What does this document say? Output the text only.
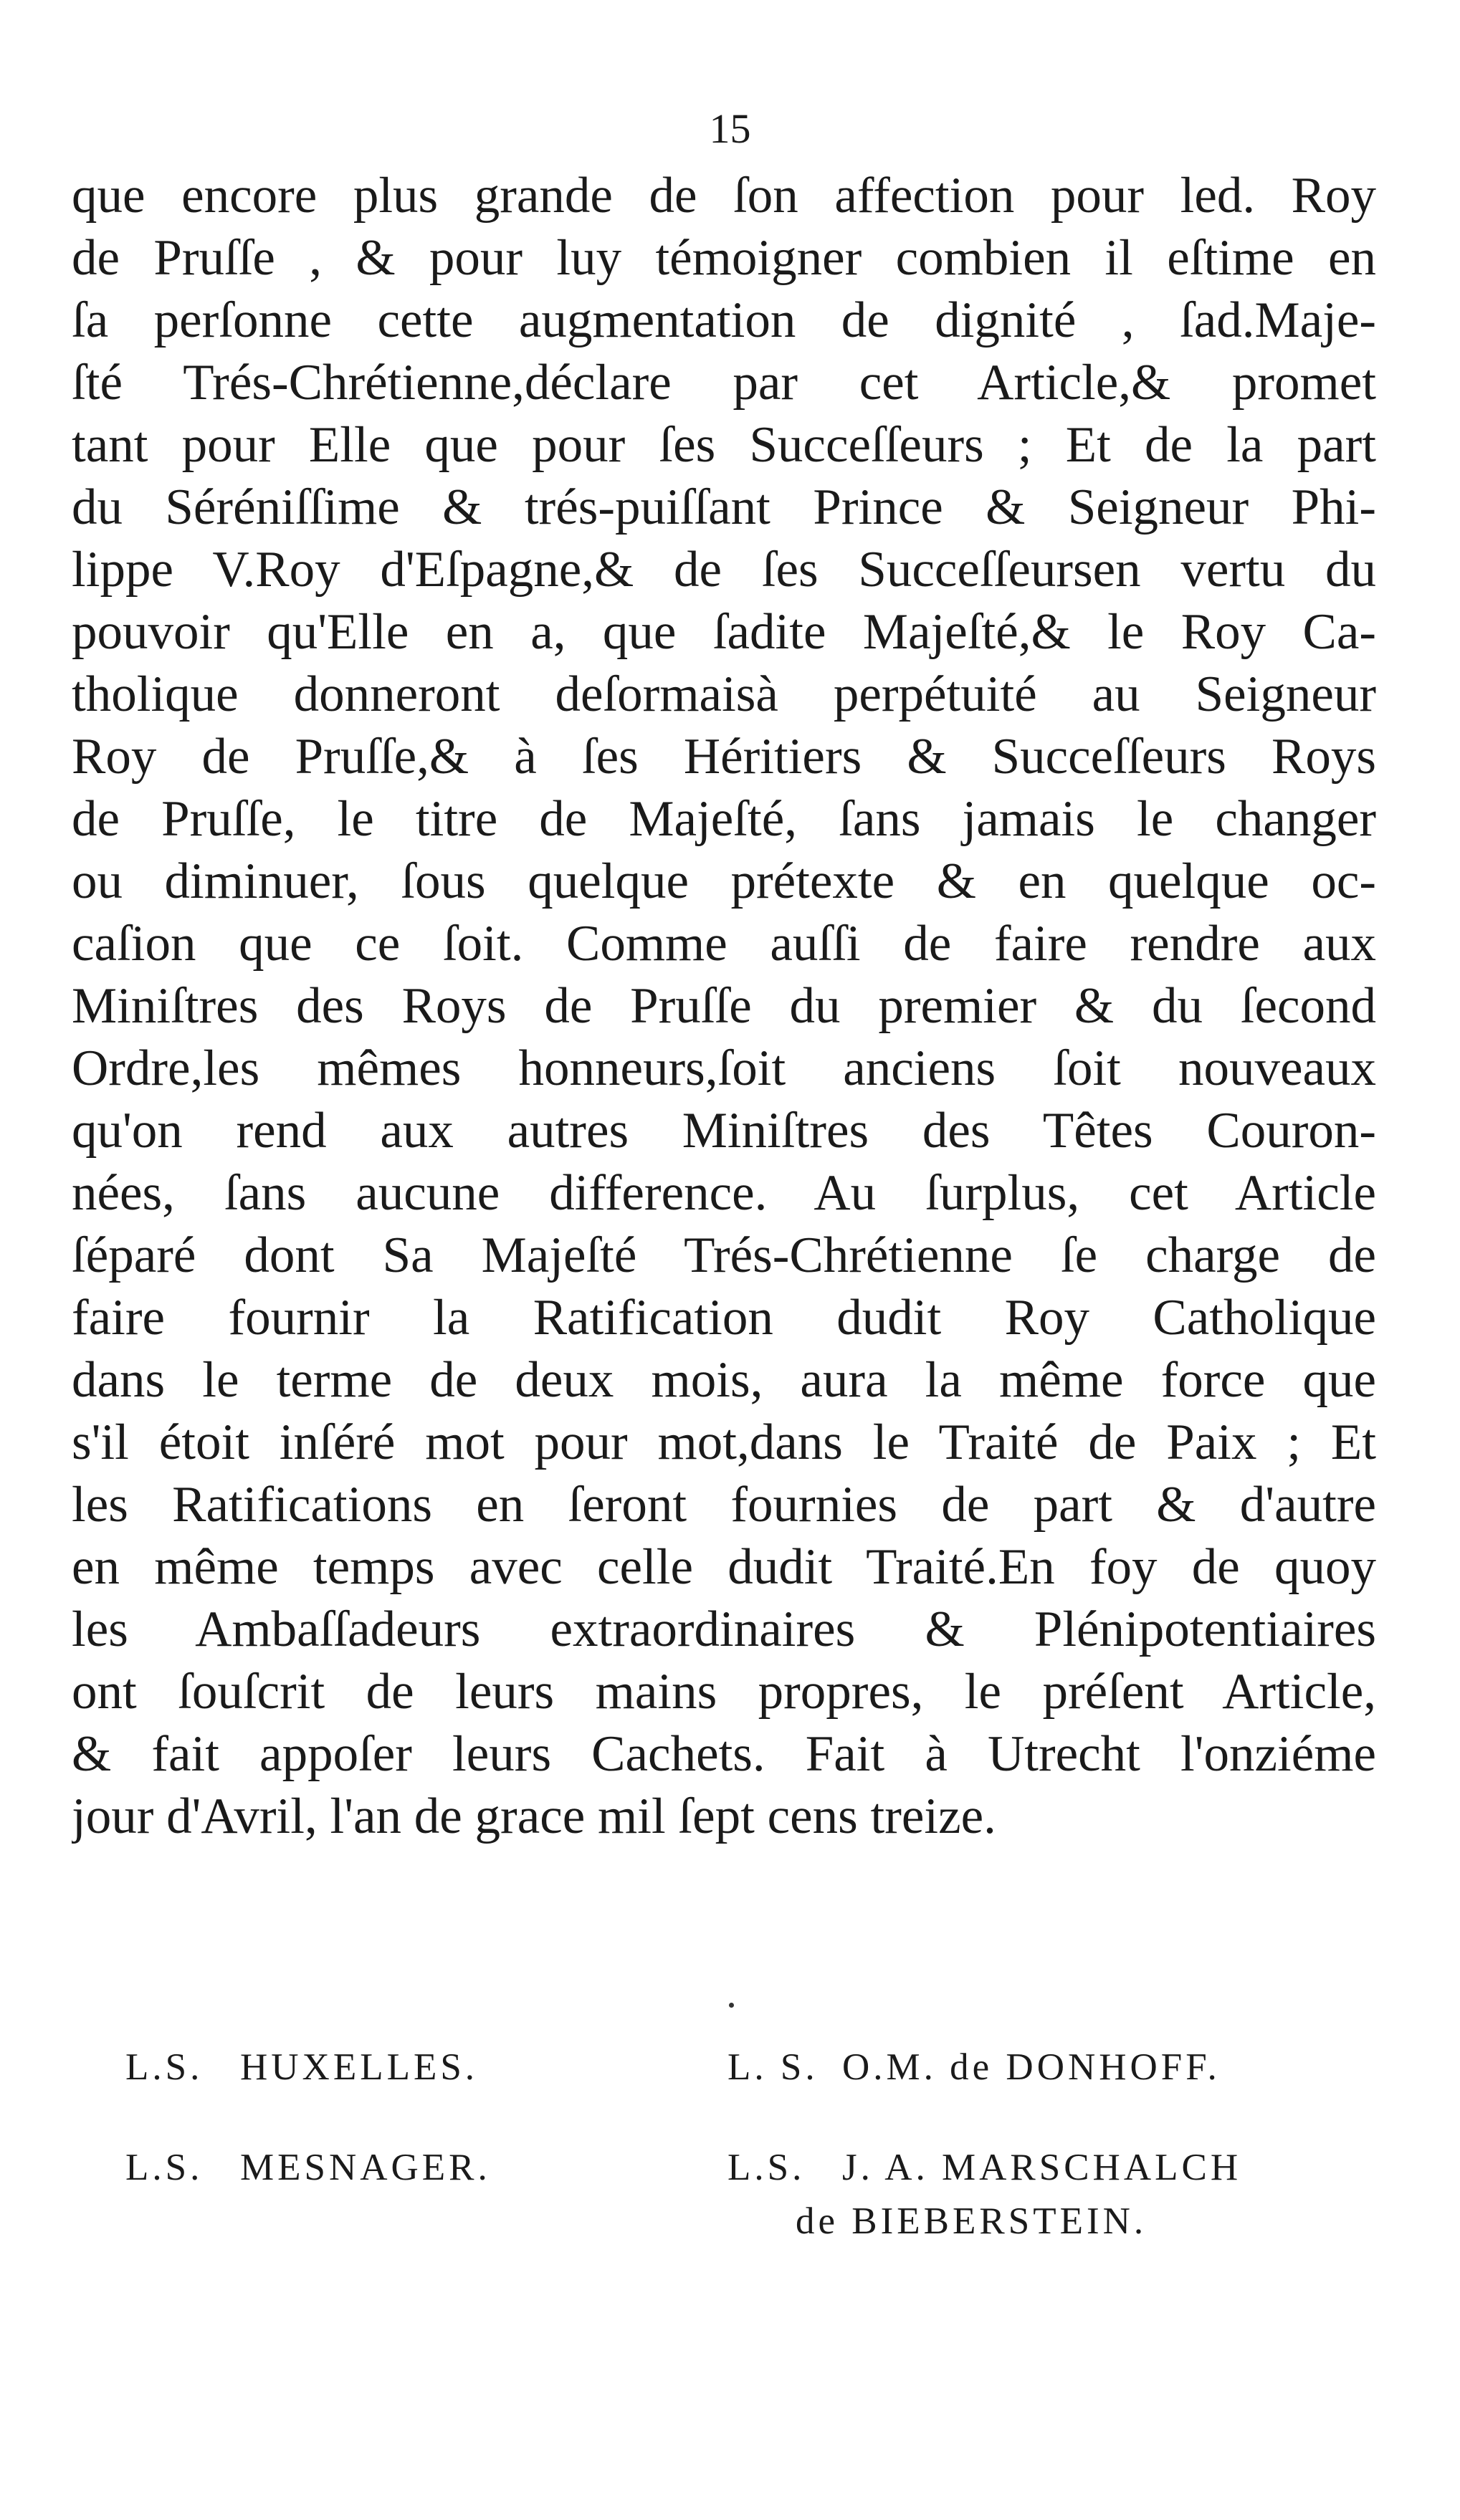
15
que encore plus grande de ſon affection pour led. Roy
de Pruſſe , & pour luy témoigner combien il eſtime en
ſa perſonne cette augmentation de dignité , ſad.Maje-
ſté Trés-Chrétienne,déclare par cet Article,& promet
tant pour Elle que pour ſes Succeſſeurs ; Et de la part
du Séréniſſime & trés-puiſſant Prince & Seigneur Phi-
lippe V.Roy d'Eſpagne,& de ſes Succeſſeursen vertu du
pouvoir qu'Elle en a, que ſadite Majeſté,& le Roy Ca-
tholique donneront deſormaisà perpétuité au Seigneur
Roy de Pruſſe,& à ſes Héritiers & Succeſſeurs Roys
de Pruſſe, le titre de Majeſté, ſans jamais le changer
ou diminuer, ſous quelque prétexte & en quelque oc-
caſion que ce ſoit. Comme auſſi de faire rendre aux
Miniſtres des Roys de Pruſſe du premier & du ſecond
Ordre,les mêmes honneurs,ſoit anciens ſoit nouveaux
qu'on rend aux autres Miniſtres des Têtes Couron-
nées, ſans aucune difference. Au ſurplus, cet Article
ſéparé dont Sa Majeſté Trés-Chrétienne ſe charge de
faire fournir la Ratification dudit Roy Catholique
dans le terme de deux mois, aura la même force que
s'il étoit inſéré mot pour mot,dans le Traité de Paix ; Et
les Ratifications en ſeront fournies de part & d'autre
en même temps avec celle dudit Traité.En foy de quoy
les Ambaſſadeurs extraordinaires & Plénipotentiaires
ont ſouſcrit de leurs mains propres, le préſent Article,
& fait appoſer leurs Cachets. Fait à Utrecht l'onziéme
jour d'Avril, l'an de grace mil ſept cens treize.
L.S. HUXELLES.	L. S. O.M. de DONHOFF.
L.S. MESNAGER.	L.S. J. A. MARSCHALCH
de BIEBERSTEIN.
